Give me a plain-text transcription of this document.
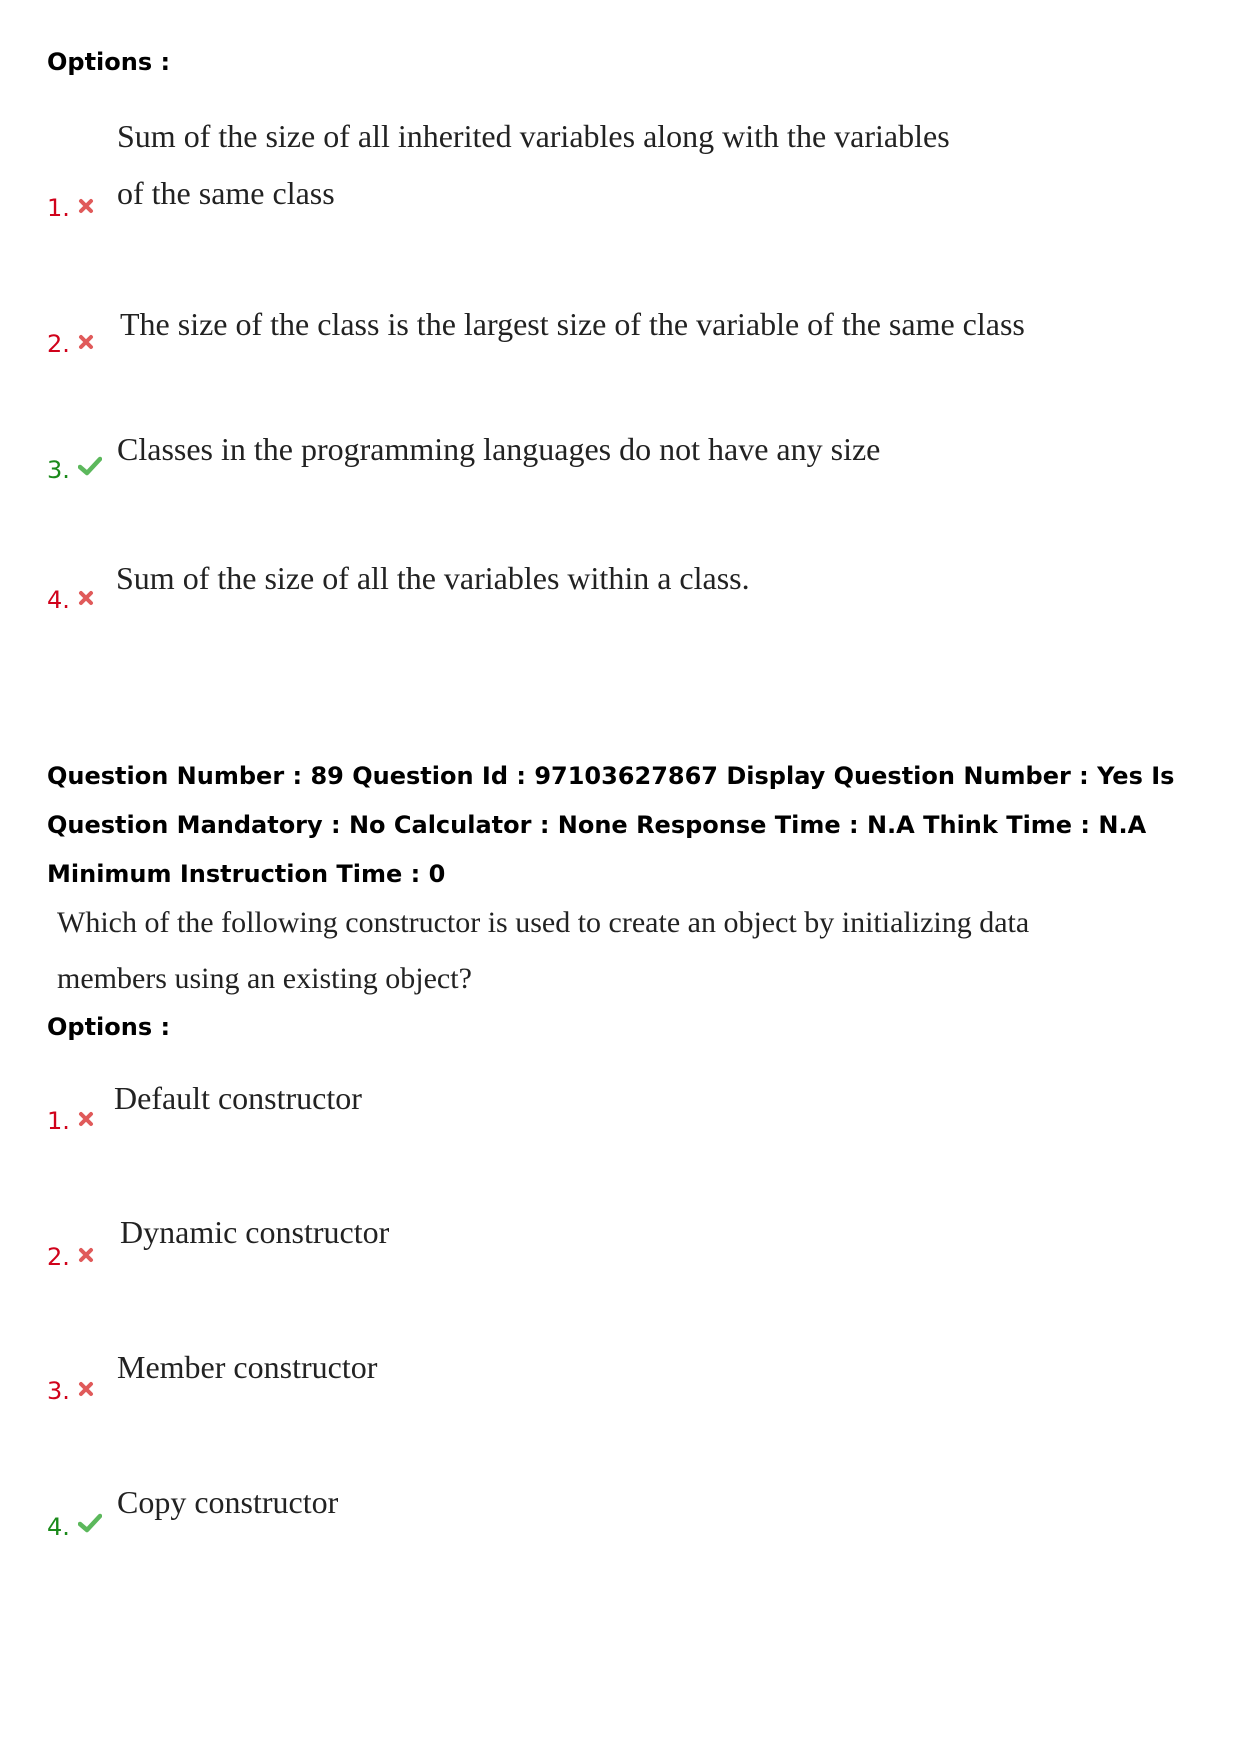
Options :
1.
Sum of the size of all inherited variables along with the variables
of the same class
2.
The size of the class is the largest size of the variable of the same class
3.
Classes in the programming languages do not have any size
4.
Sum of the size of all the variables within a class.
Question Number : 89 Question Id : 97103627867 Display Question Number : Yes Is Question Mandatory : No Calculator : None Response Time : N.A Think Time : N.A Minimum Instruction Time : 0
Which of the following constructor is used to create an object by initializing data
members using an existing object?
Options :
1.
Default constructor
2.
Dynamic constructor
3.
Member constructor
4.
Copy constructor
